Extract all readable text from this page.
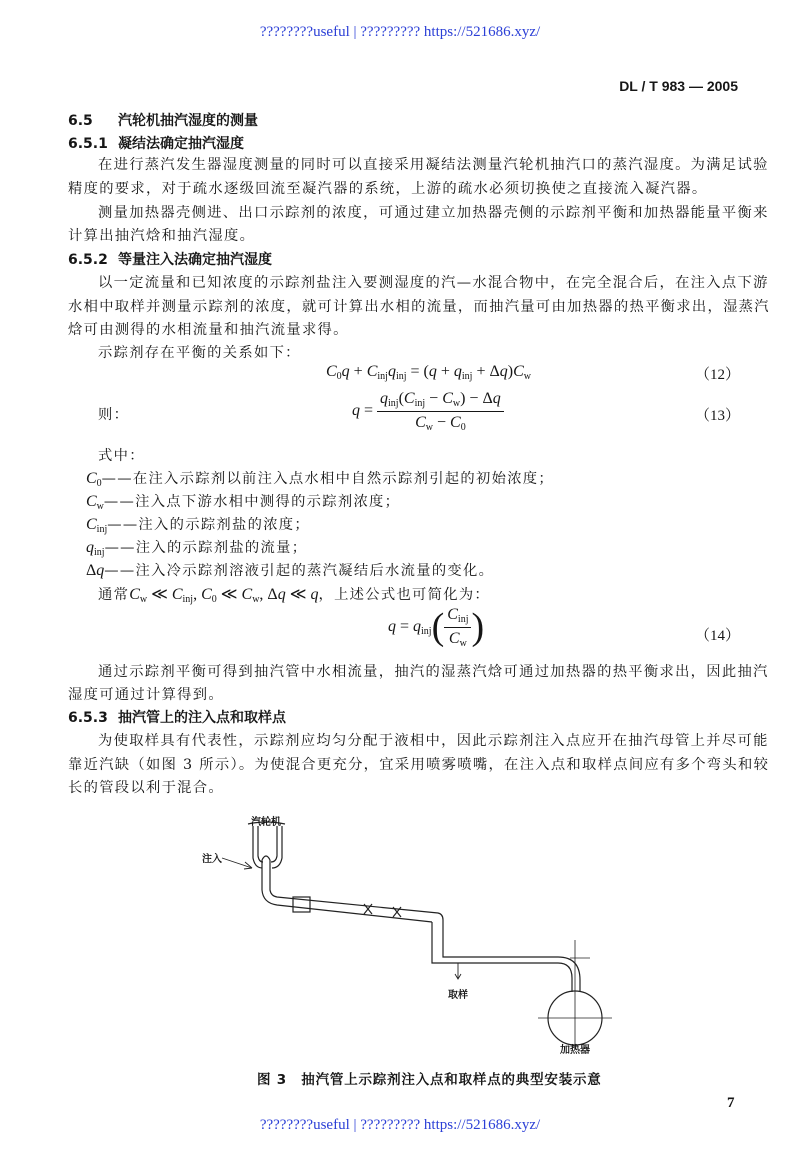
????????useful | ????????? https://521686.xyz/
DL / T 983 — 2005
6.5 汽轮机抽汽湿度的测量
6.5.1 凝结法确定抽汽湿度
在进行蒸汽发生器湿度测量的同时可以直接采用凝结法测量汽轮机抽汽口的蒸汽湿度。为满足试验
精度的要求，对于疏水逐级回流至凝汽器的系统，上游的疏水必须切换使之直接流入凝汽器。
测量加热器壳侧进、出口示踪剂的浓度，可通过建立加热器壳侧的示踪剂平衡和加热器能量平衡来
计算出抽汽焓和抽汽湿度。
6.5.2 等量注入法确定抽汽湿度
以一定流量和已知浓度的示踪剂盐注入要测湿度的汽—水混合物中，在完全混合后，在注入点下游
水相中取样并测量示踪剂的浓度，就可计算出水相的流量，而抽汽量可由加热器的热平衡求出，湿蒸汽
焓可由测得的水相流量和抽汽流量求得。
示踪剂存在平衡的关系如下：
$C_0q + C_{inj}q_{inj} = (q + q_{inj} + \Delta q)C_w$	（12）
则：	$q = \frac{q_{inj}(C_{inj} - C_w) - \Delta q}{C_w - C_0}$	（13）
式中：
$C_0——$在注入示踪剂以前注入点水相中自然示踪剂引起的初始浓度；
$C_w——$注入点下游水相中测得的示踪剂浓度；
$C_{inj}——$注入的示踪剂盐的浓度；
$q_{inj}——$注入的示踪剂盐的流量；
Δq——注入冷示踪剂溶液引起的蒸汽凝结后水流量的变化。
通常$C_w$ ≪ $C_{inj}$, $C_0$ ≪ $C_w$, Δq ≪ q，上述公式也可简化为：
$q = q_{inj}( \frac{C_{inj}}{C_w}$ )	（14）
通过示踪剂平衡可得到抽汽管中水相流量，抽汽的湿蒸汽焓可通过加热器的热平衡求出，因此抽汽
湿度可通过计算得到。
6.5.3 抽汽管上的注入点和取样点
为使取样具有代表性，示踪剂应均匀分配于液相中，因此示踪剂注入点应开在抽汽母管上并尽可能
靠近汽缺（如图 3 所示）。为使混合更充分，宜采用喷雾喷嘴，在注入点和取样点间应有多个弯头和较
长的管段以利于混合。
汽轮机
注入
取样
加热器
图 3　抽汽管上示踪剂注入点和取样点的典型安装示意
7
????????useful | ????????? https://521686.xyz/
